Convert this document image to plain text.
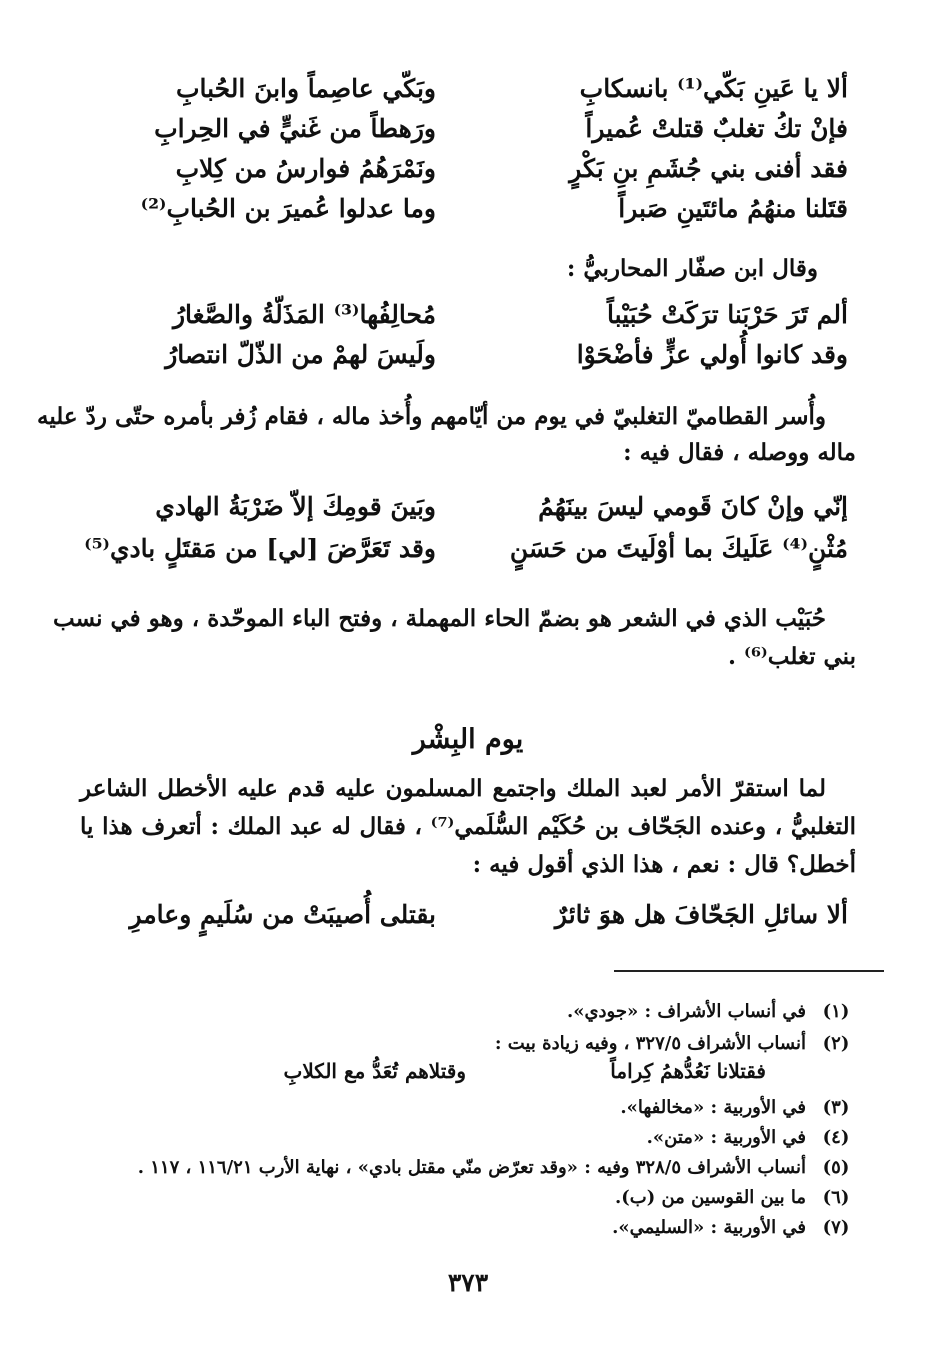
ألا يا عَينِ بَكّي⁽¹⁾ بانسكابِ
وبَكّي عاصِماً وابنَ الحُبابِ
فإنْ تكُ تغلبٌ قتلتْ عُميراً
ورَهطاً من غَنيٍّ في الحِرابِ
فقد أفنى بني جُشَمِ بنِ بَكْرٍ
ونَمْرَهُمُ فوارسُ من كِلابِ
قتَلنا منهُمُ مائتَينِ صَبراً
وما عدلوا عُميرَ بن الحُبابِ⁽²⁾
وقال ابن صفّار المحاربيُّ :
ألم تَرَ حَرْبَنا ترَكَتْ حُبَيْباً
مُحالِفُها⁽³⁾ المَذَلّةُ والصَّغارُ
وقد كانوا أُولي عزٍّ فأضْحَوْا
ولَيسَ لهمْ من الذّلّ انتصارُ
وأُسر القطاميّ التغلبيّ في يوم من أيّامهم وأُخذ ماله ، فقام زُفر بأمره حتّى ردّ عليه
ماله ووصله ، فقال فيه :
إنّي وإنْ كانَ قَومي ليسَ بينَهُمُ
وبَينَ قومِكَ إلاّ ضَرْبَةُ الهادي
مُثْنٍ⁽⁴⁾ عَلَيكَ بما أوْلَيتَ من حَسَنٍ
وقد تَعَرَّضَ [لي] من مَقتَلٍ بادي⁽⁵⁾
حُبَيْب الذي في الشعر هو بضمّ الحاء المهملة ، وفتح الباء الموحّدة ، وهو في نسب
بني تغلب⁽⁶⁾ .
يوم البِشْر
لما استقرّ الأمر لعبد الملك واجتمع المسلمون عليه قدم عليه الأخطل الشاعر
التغلبيُّ ، وعنده الجَحّاف بن حُكَيْم السُّلَمي⁽⁷⁾ ، فقال له عبد الملك : أتعرف هذا يا
أخطل؟ قال : نعم ، هذا الذي أقول فيه :
ألا سائلِ الجَحّافَ هل هوَ ثائرٌ
بقتلى أُصيبَتْ من سُلَيمٍ وعامرِ
(١)
في أنساب الأشراف : «جودي».
(٢)
أنساب الأشراف ٣٢٧/٥ ، وفيه زيادة بيت :
فقتلانا نَعُدُّهمُ كِراماً
وقتلاهم تُعَدُّ مع الكلابِ
(٣)
في الأوربية : «مخالفها».
(٤)
في الأوربية : «متن».
(٥)
أنساب الأشراف ٣٢٨/٥ وفيه : «وقد تعرّض منّي مقتل بادي» ، نهاية الأرب ١١٦/٢١ ، ١١٧ .
(٦)
ما بين القوسين من (ب).
(٧)
في الأوربية : «السليمي».
٣٧٣
